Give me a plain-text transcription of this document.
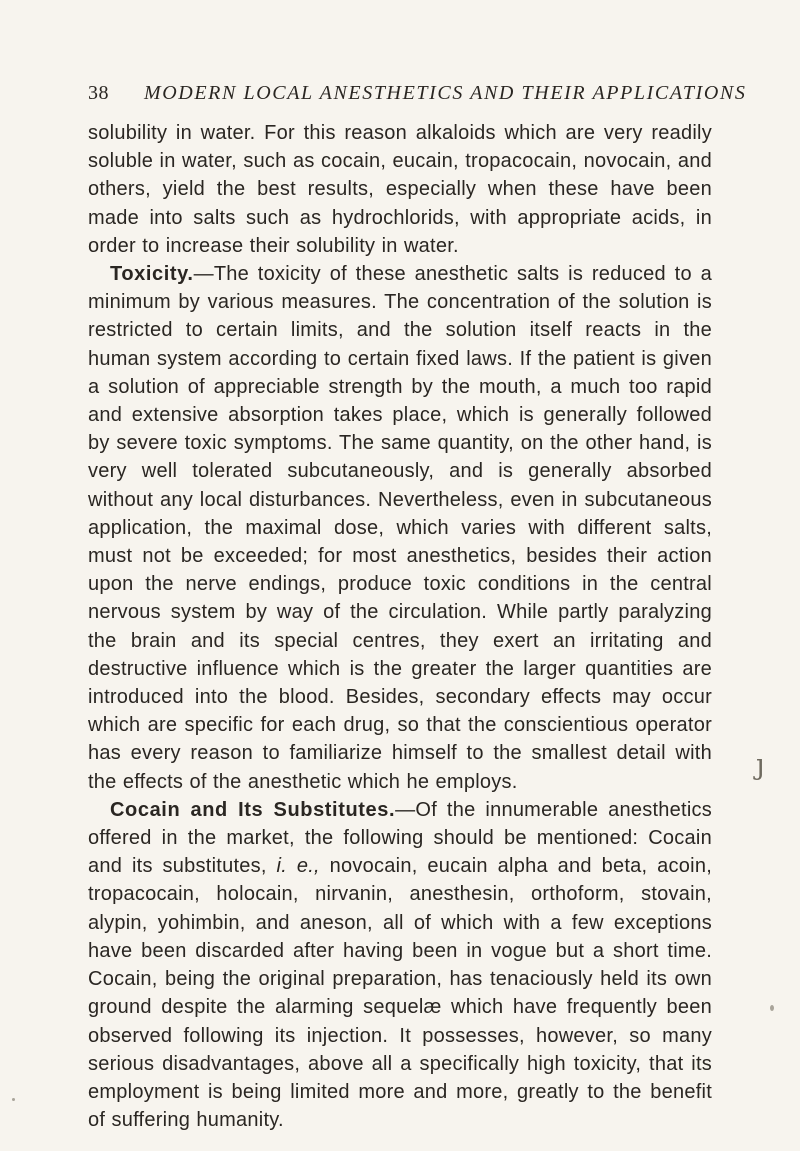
38 MODERN LOCAL ANESTHETICS AND THEIR APPLICATIONS

solubility in water. For this reason alkaloids which are very readily soluble in water, such as cocain, eucain, tropacocain, novocain, and others, yield the best results, especially when these have been made into salts such as hydrochlorids, with appropriate acids, in order to increase their solubility in water.

Toxicity.—The toxicity of these anesthetic salts is reduced to a minimum by various measures. The concentration of the solution is restricted to certain limits, and the solution itself reacts in the human system according to certain fixed laws. If the patient is given a solution of appreciable strength by the mouth, a much too rapid and extensive absorption takes place, which is generally followed by severe toxic symptoms. The same quantity, on the other hand, is very well tolerated subcutaneously, and is generally absorbed without any local disturbances. Nevertheless, even in subcutaneous application, the maximal dose, which varies with different salts, must not be exceeded; for most anesthetics, besides their action upon the nerve endings, produce toxic conditions in the central nervous system by way of the circulation. While partly paralyzing the brain and its special centres, they exert an irritating and destructive influence which is the greater the larger quantities are introduced into the blood. Besides, secondary effects may occur which are specific for each drug, so that the conscientious operator has every reason to familiarize himself to the smallest detail with the effects of the anesthetic which he employs.

Cocain and Its Substitutes.—Of the innumerable anesthetics offered in the market, the following should be mentioned: Cocain and its substitutes, i. e., novocain, eucain alpha and beta, acoin, tropacocain, holocain, nirvanin, anesthesin, orthoform, stovain, alypin, yohimbin, and aneson, all of which with a few exceptions have been discarded after having been in vogue but a short time. Cocain, being the original preparation, has tenaciously held its own ground despite the alarming sequelæ which have frequently been observed following its injection. It possesses, however, so many serious disadvantages, above all a specifically high toxicity, that its employment is being limited more and more, greatly to the benefit of suffering humanity.

ȷ
